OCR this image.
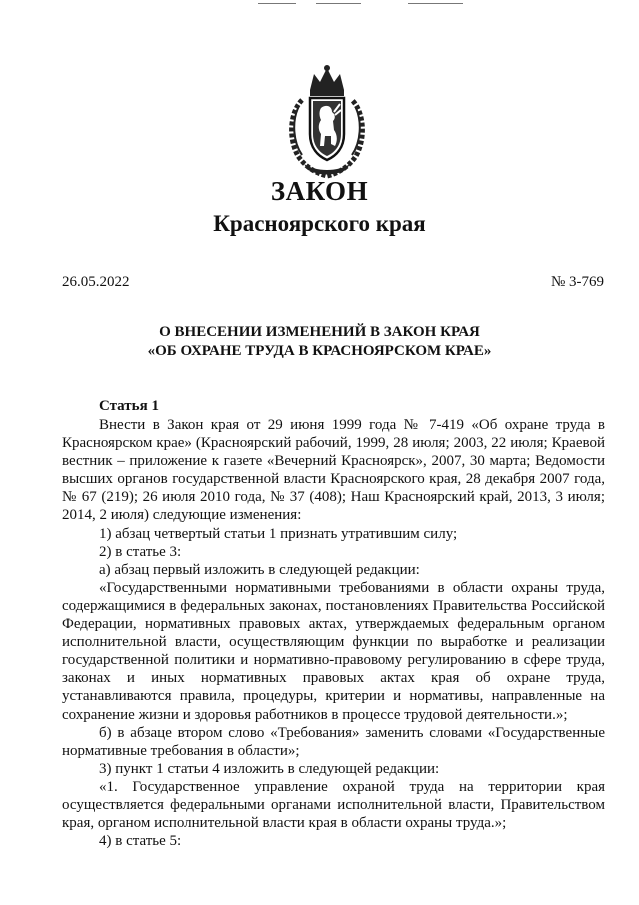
ЗАКОН
Красноярского края
26.05.2022	№ 3-769
О ВНЕСЕНИИ ИЗМЕНЕНИЙ В ЗАКОН КРАЯ
«ОБ ОХРАНЕ ТРУДА В КРАСНОЯРСКОМ КРАЕ»
Статья 1

Внести в Закон края от 29 июня 1999 года № 7-419 «Об охране труда в Красноярском крае» (Красноярский рабочий, 1999, 28 июля; 2003, 22 июля; Краевой вестник – приложение к газете «Вечерний Красноярск», 2007, 30 марта; Ведомости высших органов государственной власти Красноярского края, 28 декабря 2007 года, № 67 (219); 26 июля 2010 года, № 37 (408); Наш Красноярский край, 2013, 3 июля; 2014, 2 июля) следующие изменения:

1) абзац четвертый статьи 1 признать утратившим силу;

2) в статье 3:

а) абзац первый изложить в следующей редакции:

«Государственными нормативными требованиями в области охраны труда, содержащимися в федеральных законах, постановлениях Правительства Российской Федерации, нормативных правовых актах, утверждаемых федеральным органом исполнительной власти, осуществляющим функции по выработке и реализации государственной политики и нормативно-правовому регулированию в сфере труда, законах и иных нормативных правовых актах края об охране труда, устанавливаются правила, процедуры, критерии и нормативы, направленные на сохранение жизни и здоровья работников в процессе трудовой деятельности.»;

б) в абзаце втором слово «Требования» заменить словами «Государственные нормативные требования в области»;

3) пункт 1 статьи 4 изложить в следующей редакции:

«1. Государственное управление охраной труда на территории края осуществляется федеральными органами исполнительной власти, Правительством края, органом исполнительной власти края в области охраны труда.»;

4) в статье 5:
